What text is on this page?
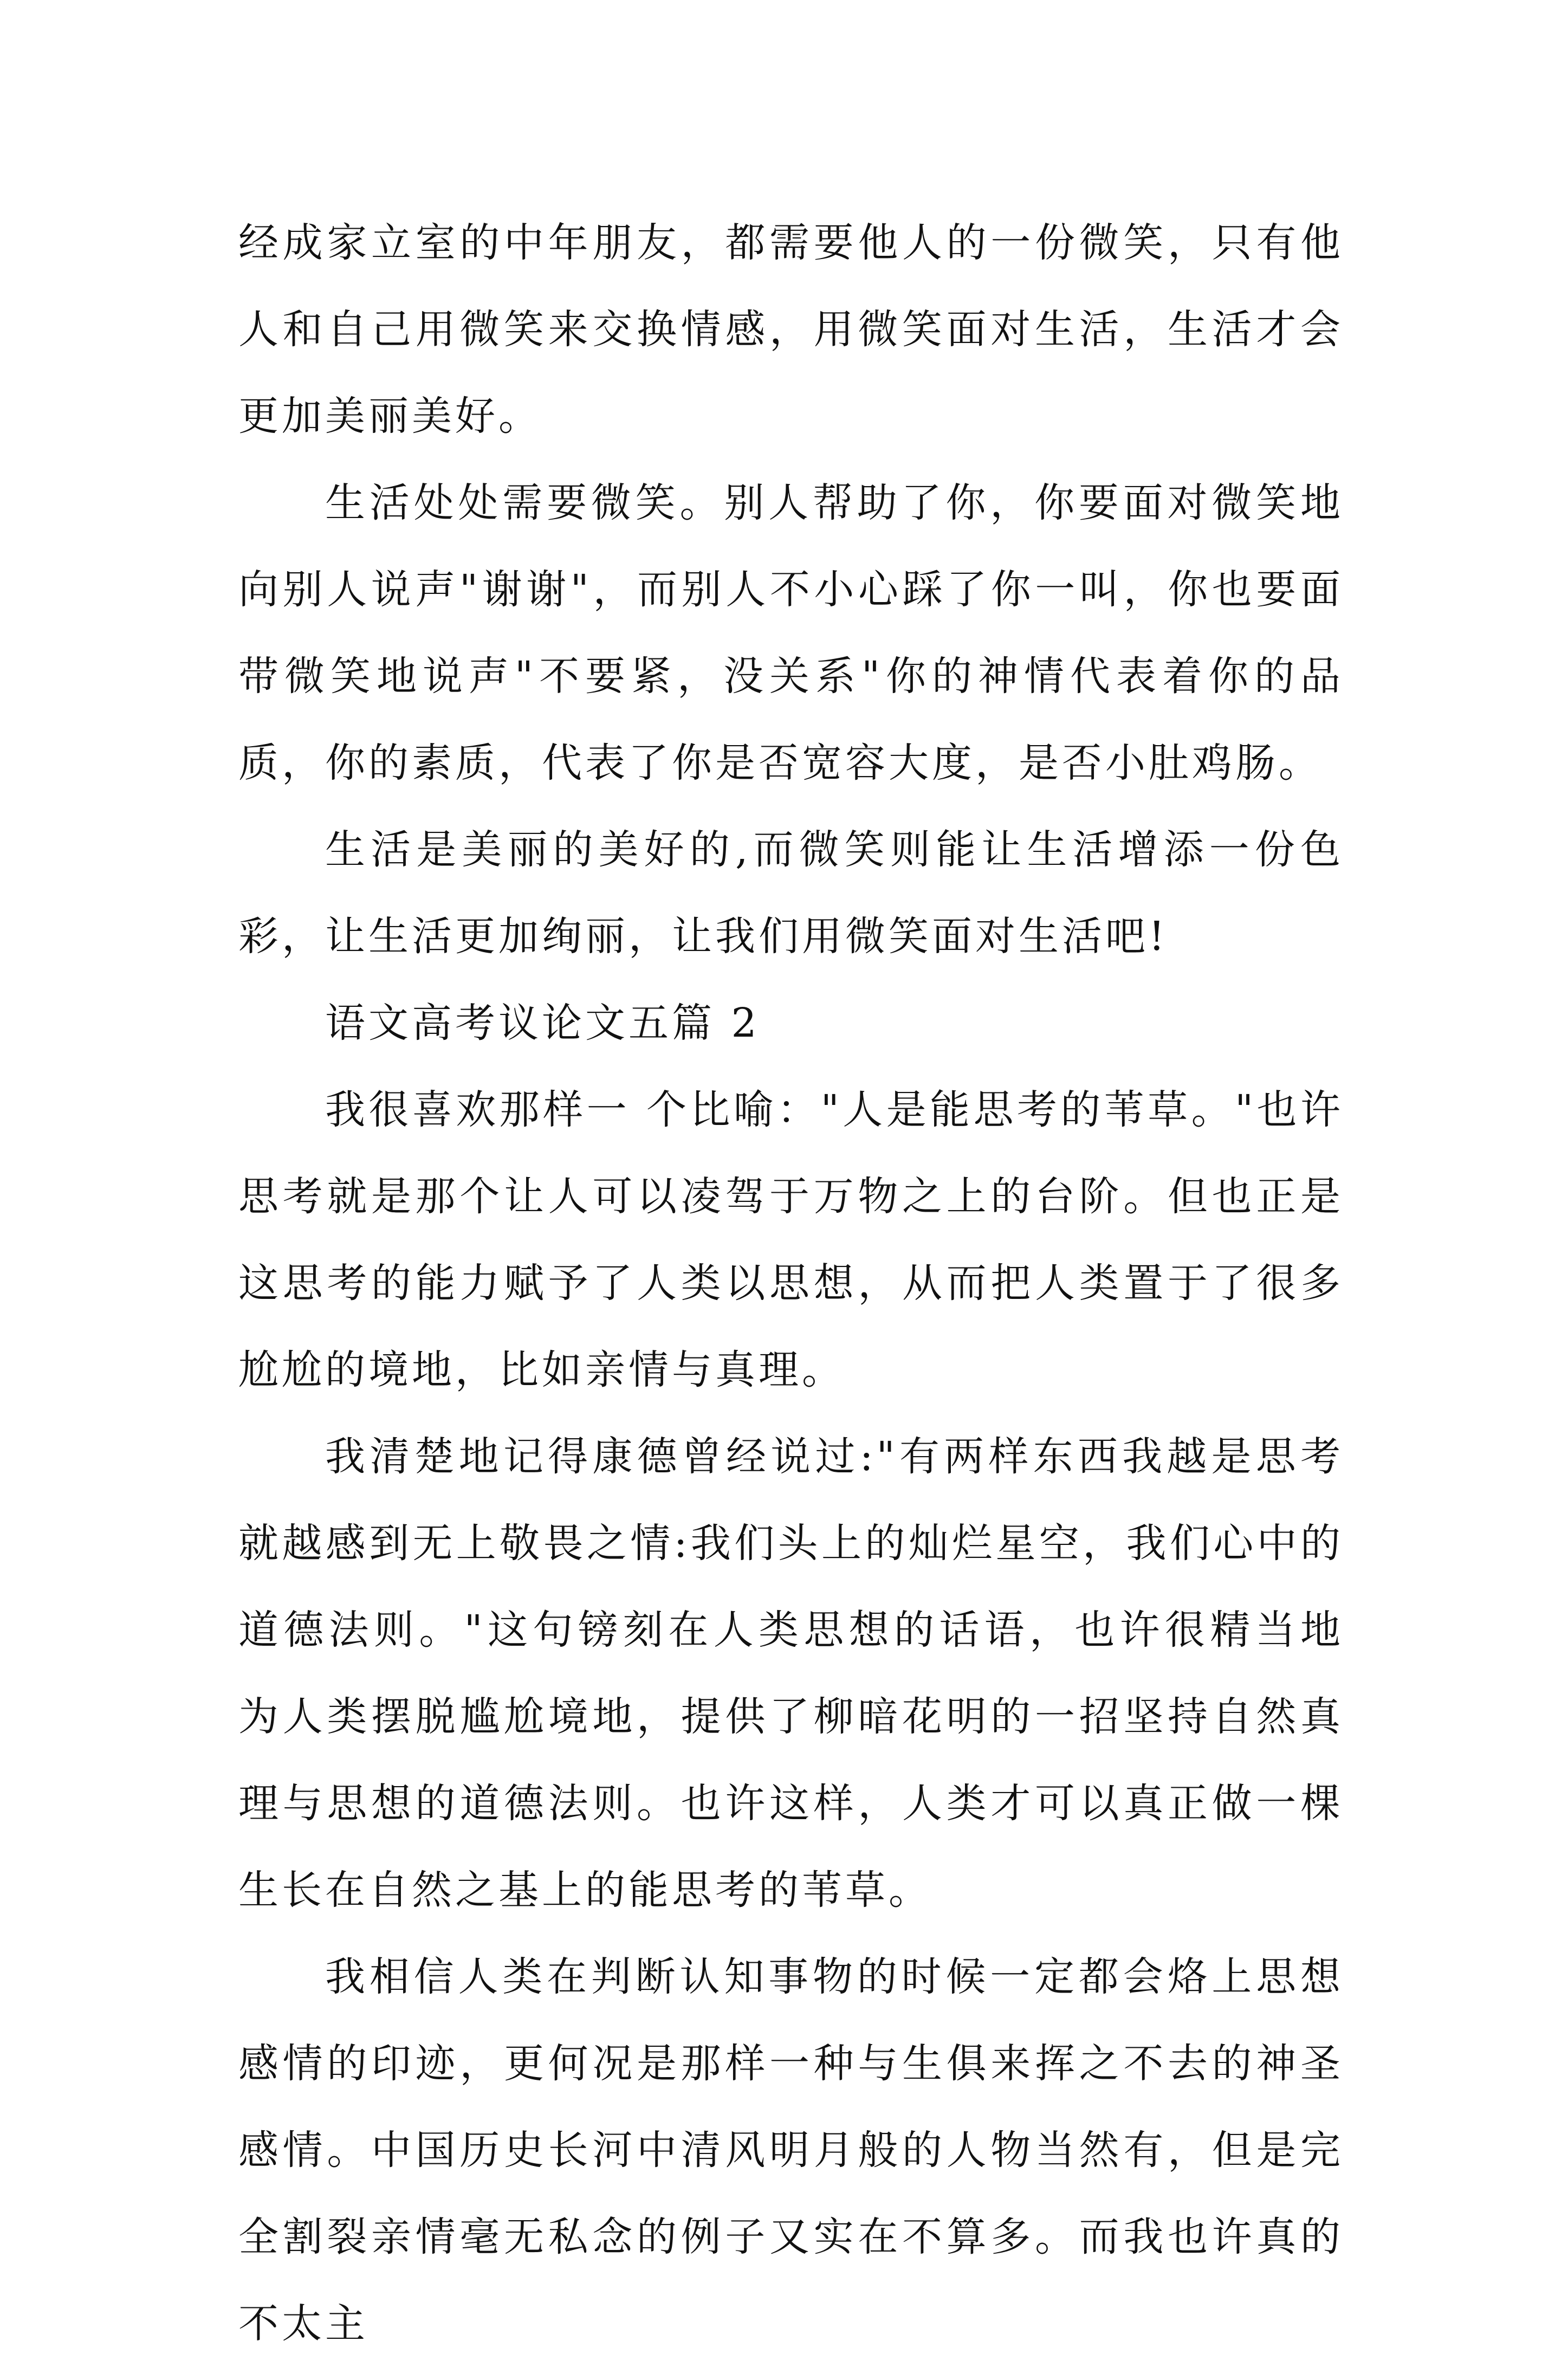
经成家立室的中年朋友，都需要他人的一份微笑，只有他人和自己用微笑来交换情感，用微笑面对生活，生活才会更加美丽美好。

生活处处需要微笑。别人帮助了你，你要面对微笑地向别人说声"谢谢"，而别人不小心踩了你一叫，你也要面带微笑地说声"不要紧，没关系"你的神情代表着你的品质，你的素质，代表了你是否宽容大度，是否小肚鸡肠。

生活是美丽的美好的,而微笑则能让生活增添一份色彩，让生活更加绚丽，让我们用微笑面对生活吧!

语文高考议论文五篇 2

我很喜欢那样一 个比喻："人是能思考的苇草。"也许思考就是那个让人可以凌驾于万物之上的台阶。但也正是这思考的能力赋予了人类以思想，从而把人类置于了很多尬尬的境地，比如亲情与真理。

我清楚地记得康德曾经说过:"有两样东西我越是思考就越感到无上敬畏之情:我们头上的灿烂星空，我们心中的道德法则。"这句镑刻在人类思想的话语，也许很精当地为人类摆脱尴尬境地，提供了柳暗花明的一招坚持自然真理与思想的道德法则。也许这样，人类才可以真正做一棵生长在自然之基上的能思考的苇草。

我相信人类在判断认知事物的时候一定都会烙上思想感情的印迹，更何况是那样一种与生俱来挥之不去的神圣感情。中国历史长河中清风明月般的人物当然有，但是完全割裂亲情毫无私念的例子又实在不算多。而我也许真的不太主
